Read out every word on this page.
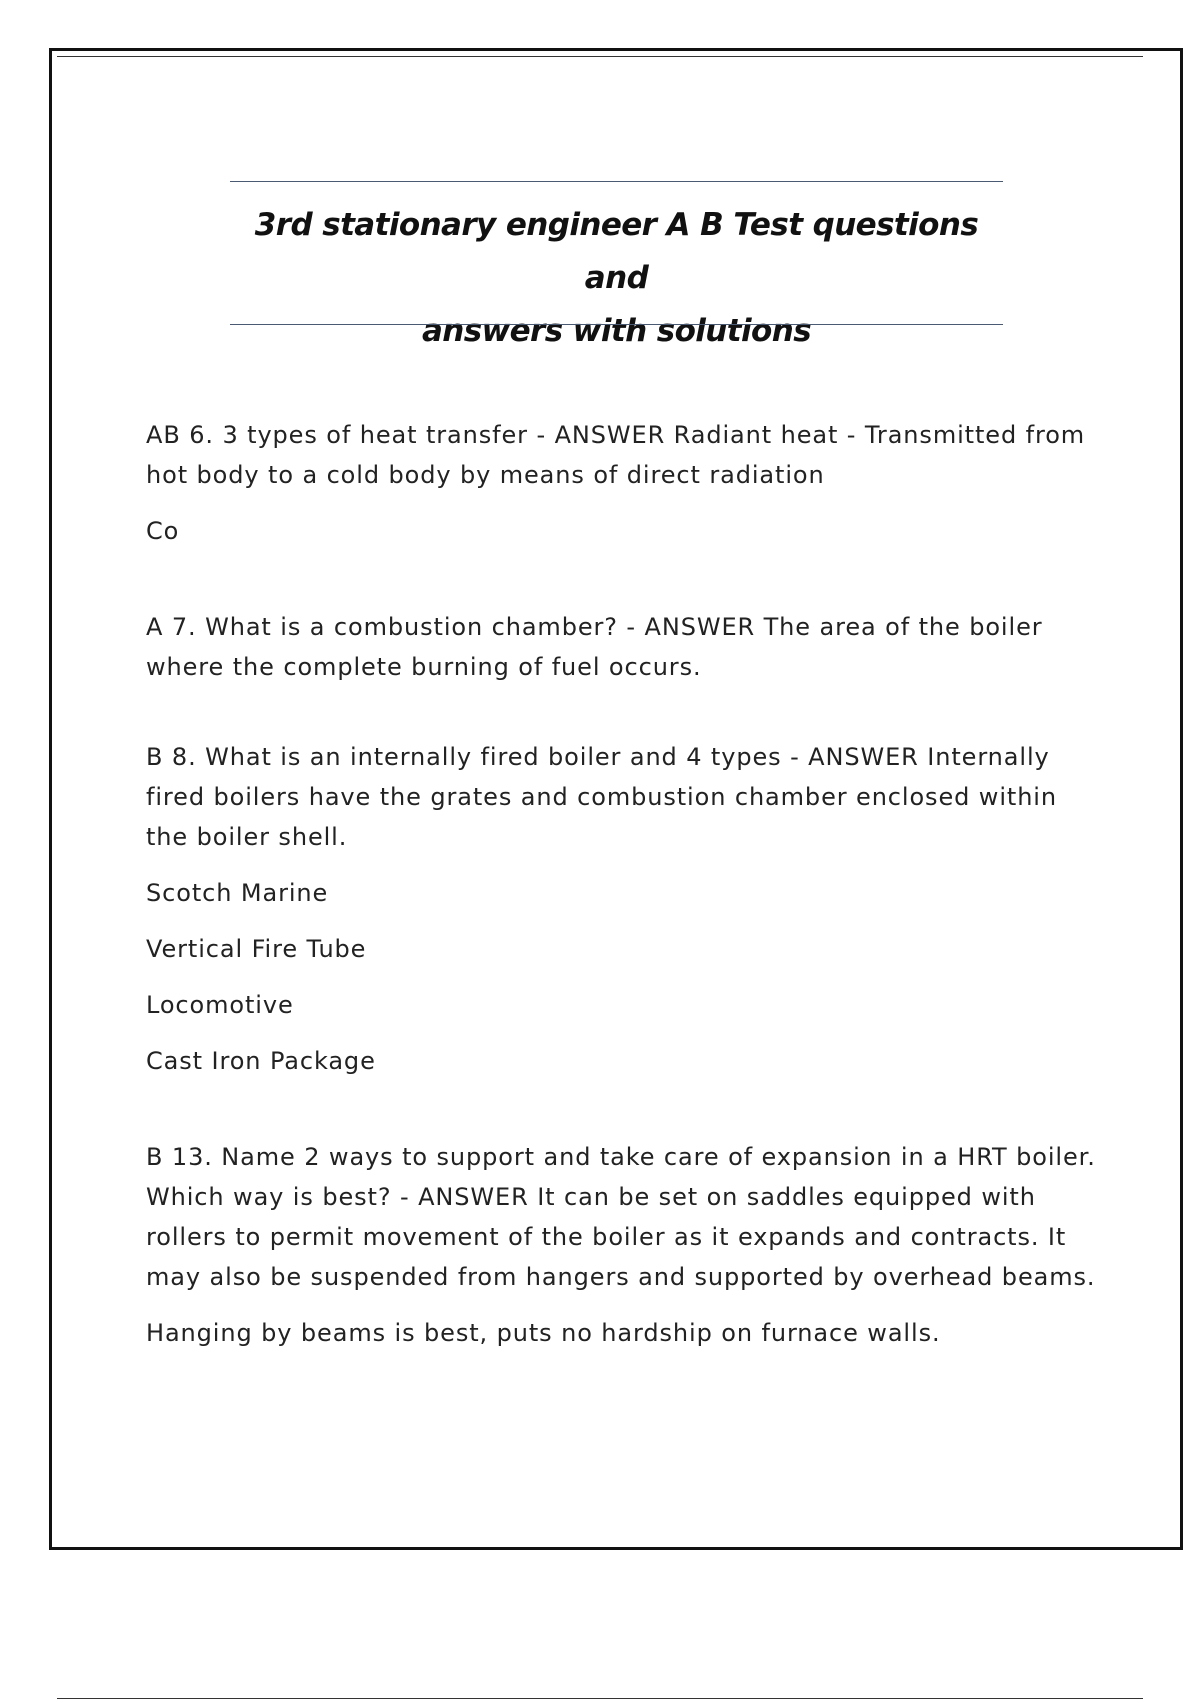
3rd stationary engineer A B Test questions and
answers with solutions

AB 6. 3 types of heat transfer - ANSWER Radiant heat - Transmitted from hot body to a cold body by means of direct radiation

Co

A 7. What is a combustion chamber? - ANSWER The area of the boiler where the complete burning of fuel occurs.

B 8. What is an internally fired boiler and 4 types - ANSWER Internally fired boilers have the grates and combustion chamber enclosed within the boiler shell.

Scotch Marine

Vertical Fire Tube

Locomotive

Cast Iron Package

B 13. Name 2 ways to support and take care of expansion in a HRT boiler. Which way is best? - ANSWER It can be set on saddles equipped with rollers to permit movement of the boiler as it expands and contracts. It may also be suspended from hangers and supported by overhead beams.

Hanging by beams is best, puts no hardship on furnace walls.
